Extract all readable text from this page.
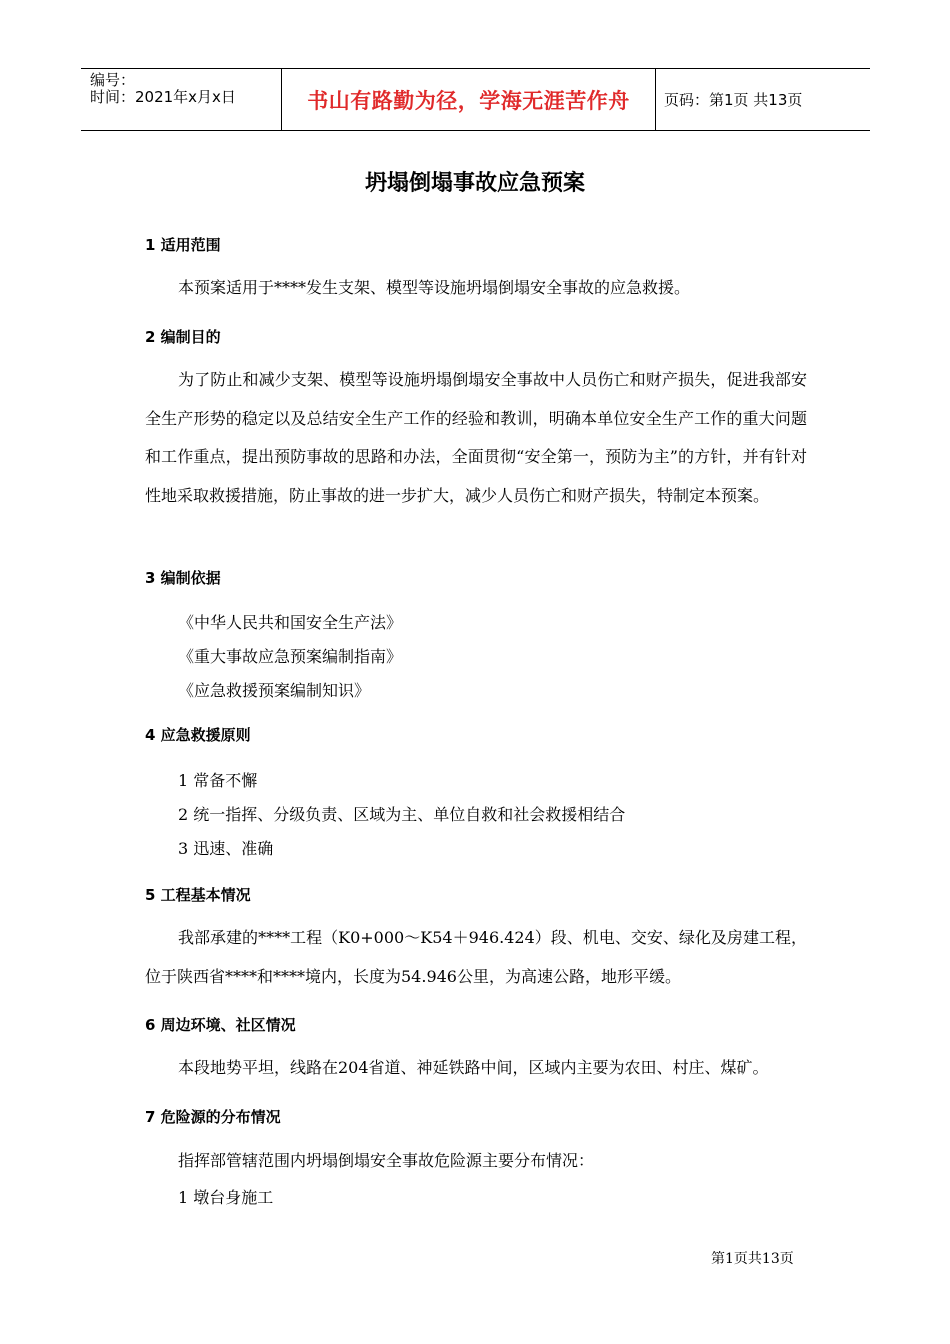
编号：
时间：2021年x月x日	书山有路勤为径，学海无涯苦作舟	页码：第1页 共13页
坍塌倒塌事故应急预案
1 适用范围
本预案适用于****发生支架、模型等设施坍塌倒塌安全事故的应急救援。
2 编制目的
为了防止和减少支架、模型等设施坍塌倒塌安全事故中人员伤亡和财产损失，促进我部安全生产形势的稳定以及总结安全生产工作的经验和教训，明确本单位安全生产工作的重大问题和工作重点，提出预防事故的思路和办法，全面贯彻“安全第一，预防为主”的方针，并有针对性地采取救援措施，防止事故的进一步扩大，减少人员伤亡和财产损失，特制定本预案。
3 编制依据
《中华人民共和国安全生产法》
《重大事故应急预案编制指南》
《应急救援预案编制知识》
4 应急救援原则
1 常备不懈
2 统一指挥、分级负责、区域为主、单位自救和社会救援相结合
3 迅速、准确
5 工程基本情况
我部承建的****工程（K0+000～K54＋946.424）段、机电、交安、绿化及房建工程，位于陕西省****和****境内，长度为54.946公里，为高速公路，地形平缓。
6 周边环境、社区情况
本段地势平坦，线路在204省道、神延铁路中间，区域内主要为农田、村庄、煤矿。
7 危险源的分布情况
指挥部管辖范围内坍塌倒塌安全事故危险源主要分布情况：
1 墩台身施工
第1页共13页
